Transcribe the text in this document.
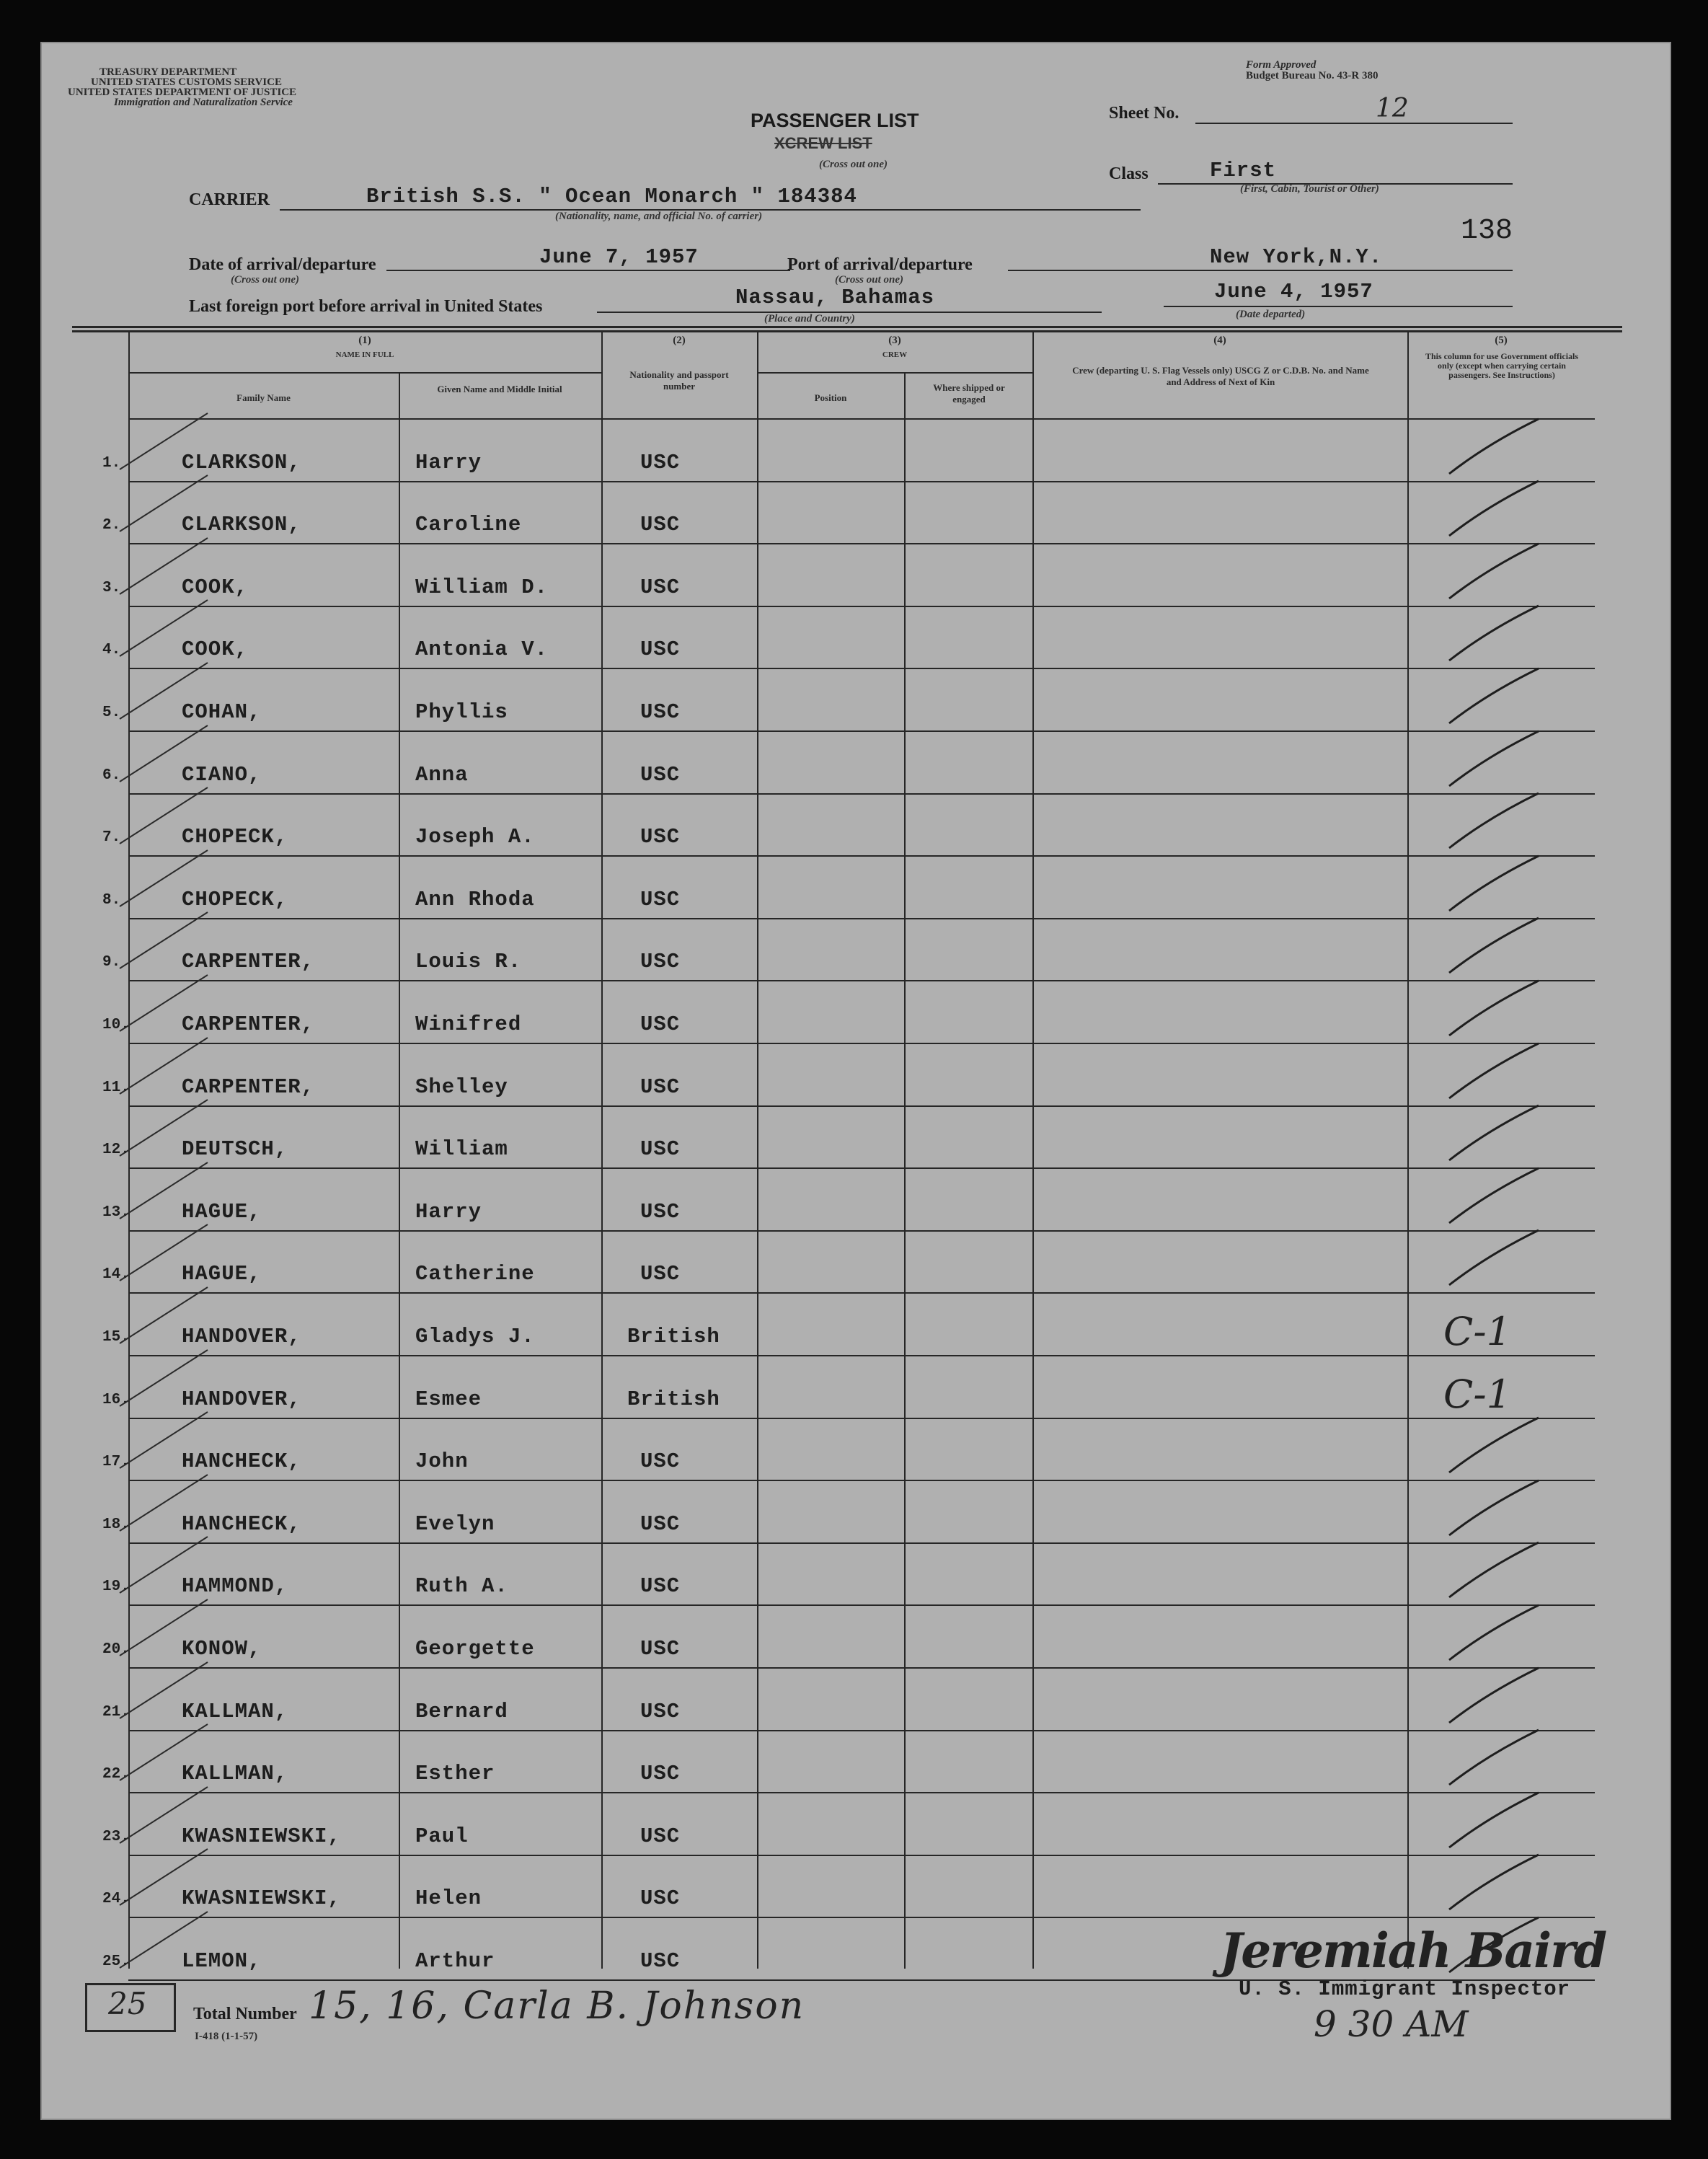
TREASURY DEPARTMENT
UNITED STATES CUSTOMS SERVICE
UNITED STATES DEPARTMENT OF JUSTICE
Immigration and Naturalization Service
Form Approved
Budget Bureau No. 43-R 380
PASSENGER LIST
XCREW LIST
(Cross out one)
Sheet No.	12
Class	First
(First, Cabin, Tourist or Other)
138
CARRIER	British S.S. " Ocean Monarch " 184384
(Nationality, name, and official No. of carrier)
Date of arrival/departure
(Cross out one)
June 7, 1957	Port of arrival/departure
(Cross out one)
New York,N.Y.
Last foreign port before arrival in United States	Nassau, Bahamas
(Place and Country)
June 4, 1957
(Date departed)
(1)
NAME IN FULL
Family Name
Given Name and Middle Initial
(2)
Nationality and passport number
(3)
CREW
Position
Where shipped or engaged
(4)
Crew (departing U. S. Flag Vessels only) USCG Z or C.D.B. No. and Name and Address of Next of Kin
(5)
This column for use Government officials only (except when carrying certain passengers. See Instructions)
1.	CLARKSON,	Harry	USC
2.	CLARKSON,	Caroline	USC
3.	COOK,	William D.	USC
4.	COOK,	Antonia V.	USC
5.	COHAN,	Phyllis	USC
6.	CIANO,	Anna	USC
7.	CHOPECK,	Joseph A.	USC
8.	CHOPECK,	Ann Rhoda	USC
9.	CARPENTER,	Louis R.	USC
10. CARPENTER,	Winifred	USC
11. CARPENTER,	Shelley	USC
12. DEUTSCH,	William	USC
13. HAGUE,	Harry	USC
14. HAGUE,	Catherine	USC
15. HANDOVER,	Gladys J.	British	C-1
16. HANDOVER,	Esmee	British	C-1
17. HANCHECK,	John	USC
18. HANCHECK,	Evelyn	USC
19. HAMMOND,	Ruth A.	USC
20. KONOW,	Georgette	USC
21. KALLMAN,	Bernard	USC
22. KALLMAN,	Esther	USC
23. KWASNIEWSKI,	Paul	USC
24. KWASNIEWSKI,	Helen	USC
25. LEMON,	Arthur	USC
25	Total Number
I-418 (1-1-57)
15, 16, Carla B. Johnson
Jeremiah Baird
U. S. Immigrant Inspector
9 30 AM
